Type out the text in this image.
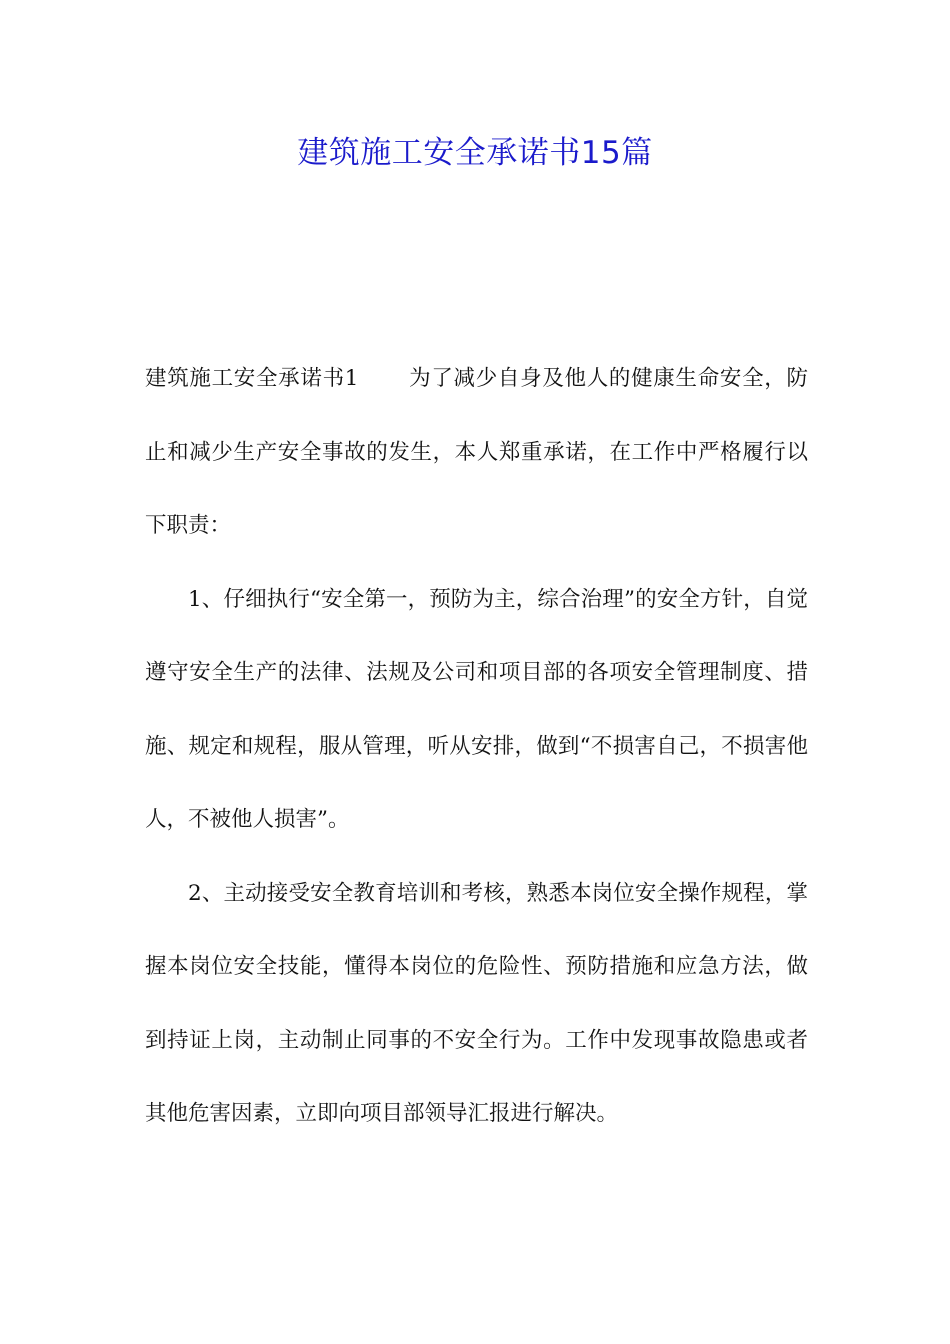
建筑施工安全承诺书15篇

建筑施工安全承诺书1 为了减少自身及他人的健康生命安全，防止和减少生产安全事故的发生，本人郑重承诺，在工作中严格履行以下职责：

1、仔细执行“安全第一，预防为主，综合治理”的安全方针，自觉遵守安全生产的法律、法规及公司和项目部的各项安全管理制度、措施、规定和规程，服从管理，听从安排，做到“不损害自己，不损害他人，不被他人损害”。

2、主动接受安全教育培训和考核，熟悉本岗位安全操作规程，掌握本岗位安全技能，懂得本岗位的危险性、预防措施和应急方法，做到持证上岗，主动制止同事的不安全行为。工作中发现事故隐患或者其他危害因素，立即向项目部领导汇报进行解决。
